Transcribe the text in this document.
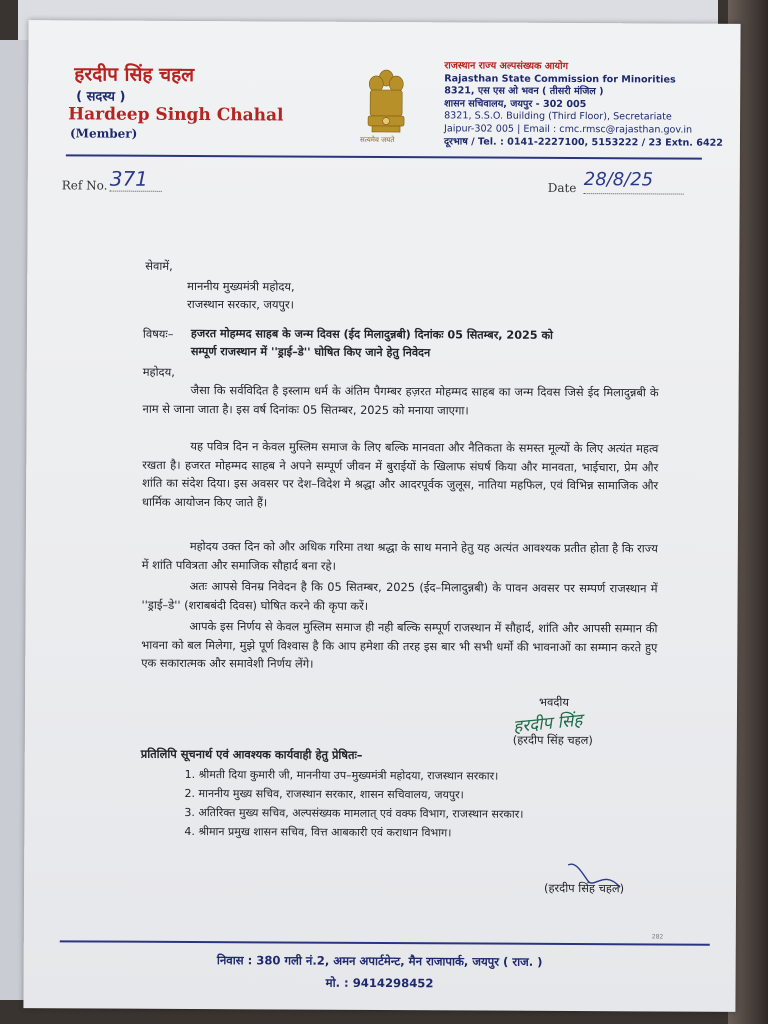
हरदीप सिंह चहल
( सदस्य )
Hardeep Singh Chahal
(Member)	सत्यमेव जयते
राजस्थान राज्य अल्पसंख्यक आयोग
Rajasthan State Commission for Minorities
8321, एस एस ओ भवन ( तीसरी मंजिल )
शासन सचिवालय, जयपुर - 302 005
8321, S.S.O. Building (Third Floor), Secretariate
Jaipur-302 005 | Email : cmc.rmsc@rajasthan.gov.in
दूरभाष / Tel. : 0141-2227100, 5153222 / 23 Extn. 6422
Ref No. 371	Date 28/8/25
सेवामें,
माननीय मुख्यमंत्री महोदय,
राजस्थान सरकार, जयपुर।
विषयः– हजरत मोहम्मद साहब के जन्म दिवस (ईद मिलादुन्नबी) दिनांकः 05 सितम्बर, 2025 को
सम्पूर्ण राजस्थान में ''ड्राई–डे'' घोषित किए जाने हेतु निवेदन
महोदय,
जैसा कि सर्वविदित है इस्लाम धर्म के अंतिम पैगम्बर हज़रत मोहम्मद साहब का जन्म दिवस जिसे ईद मिलादुन्नबी के नाम से जाना जाता है। इस वर्ष दिनांकः 05 सितम्बर, 2025 को मनाया जाएगा।
यह पवित्र दिन न केवल मुस्लिम समाज के लिए बल्कि मानवता और नैतिकता के समस्त मूल्यों के लिए अत्यंत महत्व रखता है। हजरत मोहम्मद साहब ने अपने सम्पूर्ण जीवन में बुराईयों के खिलाफ संघर्ष किया और मानवता, भाईचारा, प्रेम और शांति का संदेश दिया। इस अवसर पर देश–विदेश मे श्रद्धा और आदरपूर्वक जुलूस, नातिया महफिल, एवं विभिन्न सामाजिक और धार्मिक आयोजन किए जाते हैं।
महोदय उक्त दिन को और अधिक गरिमा तथा श्रद्धा के साथ मनाने हेतु यह अत्यंत आवश्यक प्रतीत होता है कि राज्य में शांति पवित्रता और समाजिक सौहार्द बना रहे।
अतः आपसे विनम्र निवेदन है कि 05 सितम्बर, 2025 (ईद–मिलादुन्नबी) के पावन अवसर पर सम्पर्ण राजस्थान में ''ड्राई–डे'' (शराबबंदी दिवस) घोषित करने की कृपा करें।
आपके इस निर्णय से केवल मुस्लिम समाज ही नही बल्कि सम्पूर्ण राजस्थान में सौहार्द, शांति और आपसी सम्मान की भावना को बल मिलेगा, मुझे पूर्ण विश्वास है कि आप हमेशा की तरह इस बार भी सभी धर्मो की भावनाओं का सम्मान करते हुए एक सकारात्मक और समावेशी निर्णय लेंगे।
भवदीय
हरदीप सिंह
(हरदीप सिंह चहल)
प्रतिलिपि सूचनार्थ एवं आवश्यक कार्यवाही हेतु प्रेषितः–
1. श्रीमती दिया कुमारी जी, माननीया उप–मुख्यमंत्री महोदया, राजस्थान सरकार।
2. माननीय मुख्य सचिव, राजस्थान सरकार, शासन सचिवालय, जयपुर।
3. अतिरिक्त मुख्य सचिव, अल्पसंख्यक मामलात् एवं वक्फ विभाग, राजस्थान सरकार।
4. श्रीमान प्रमुख शासन सचिव, वित्त आबकारी एवं कराधान विभाग।
(हरदीप सिंह चहल)
282
निवास : 380 गली नं.2, अमन अपार्टमेन्ट, मैन राजापार्क, जयपुर ( राज. )
मो. : 9414298452
